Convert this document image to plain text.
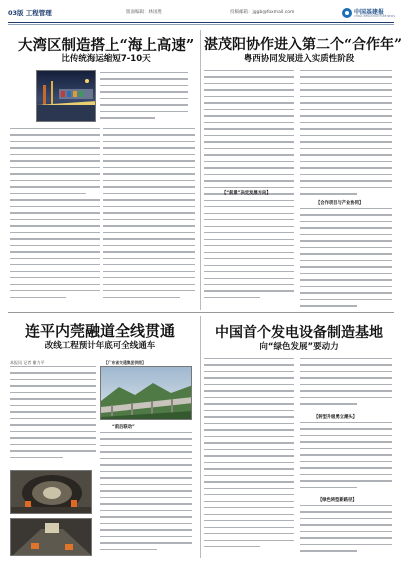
03版 工程管理	版面编辑：林国胜	投稿邮箱：jggb@foxmail.com	中国基建报
CHINA INFRASTRUCTURE NEWS
大湾区制造搭上“海上高速”
比传统海运缩短7-10天
湛茂阳协作进入第二个“合作年”
粤西协同发展进入实质性阶段
【“前景”决定发展方向】
【合作项目与产业协同】
连平内莞融道全线贯通
改线工程预计年底可全线通车
本报讯 记者 谢力平	【广东省交通集团供图】
“前后联动”
中国首个发电设备制造基地
向“绿色发展”要动力
【转型升级勇立潮头】
【绿色转型新路径】
